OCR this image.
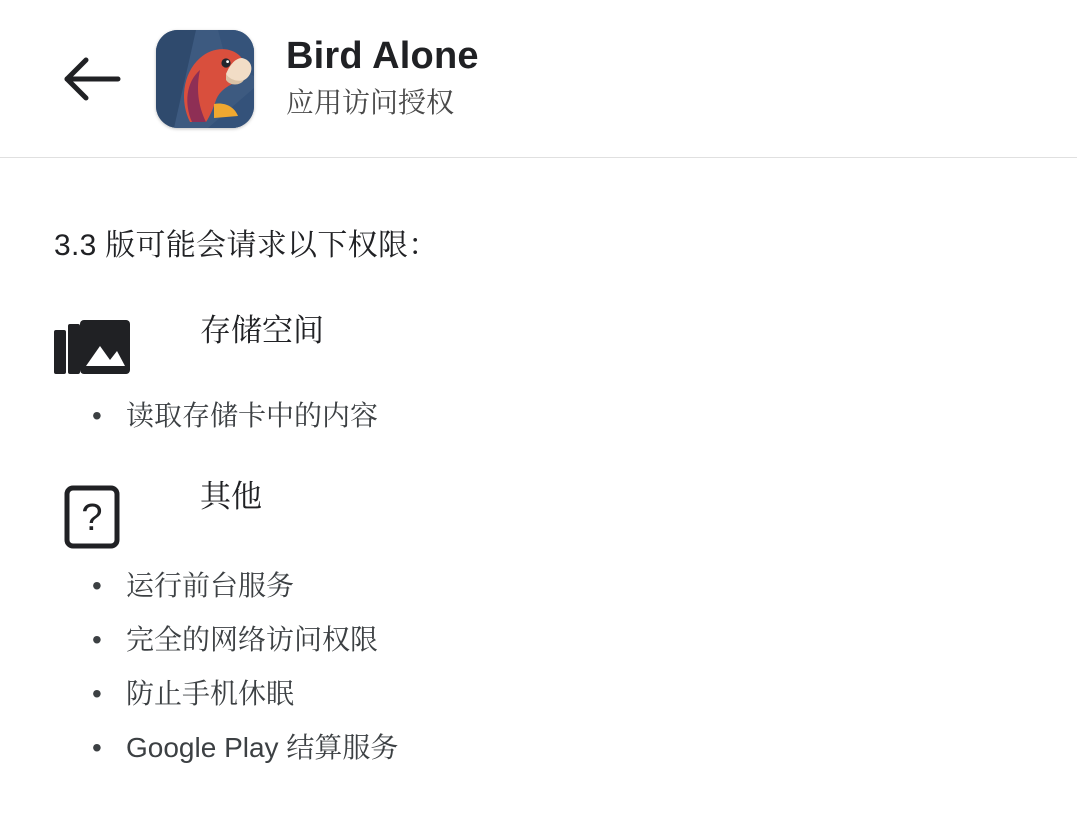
Bird Alone
应用访问授权
3.3 版可能会请求以下权限：
存储空间
• 读取存储卡中的内容
?
其他
• 运行前台服务
• 完全的网络访问权限
• 防止手机休眠
• Google Play 结算服务
